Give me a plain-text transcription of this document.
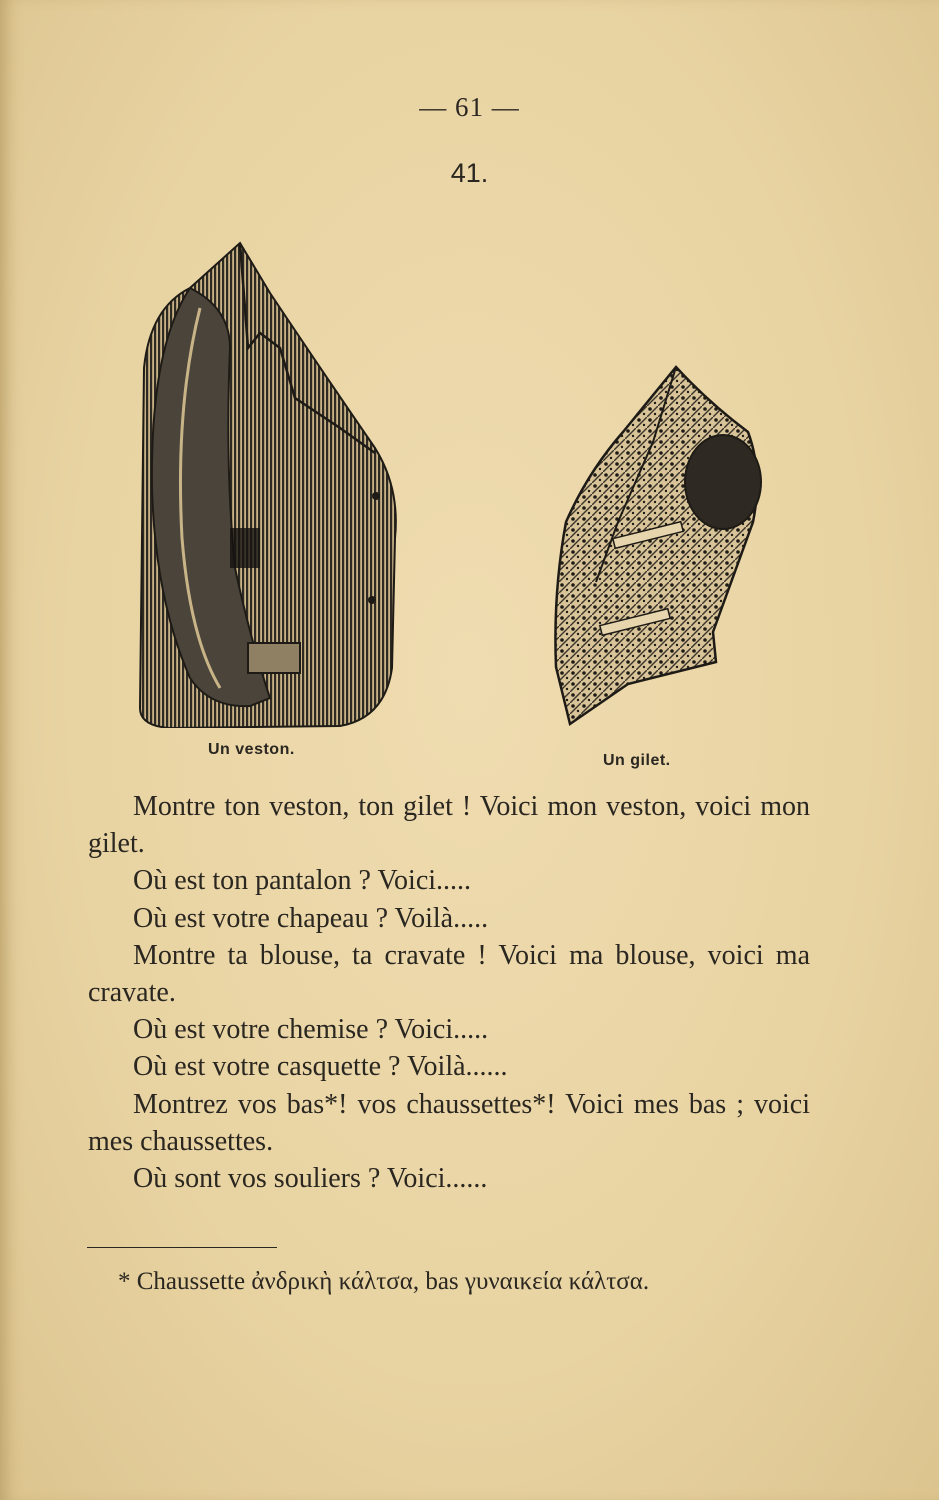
— 61 —
41.
Un veston.
Un gilet.

Montre ton veston, ton gilet ! Voici mon veston, voici mon gilet.

Où est ton pantalon ? Voici.....

Où est votre chapeau ? Voilà.....

Montre ta blouse, ta cravate ! Voici ma blouse, voici ma cravate.

Où est votre chemise ? Voici.....

Où est votre casquette ? Voilà......

Montrez vos bas*! vos chaussettes*! Voici mes bas ; voici mes chaussettes.

Où sont vos souliers ? Voici......

* Chaussette ἀνδρικὴ κάλτσα, bas γυναικεία κάλτσα.
